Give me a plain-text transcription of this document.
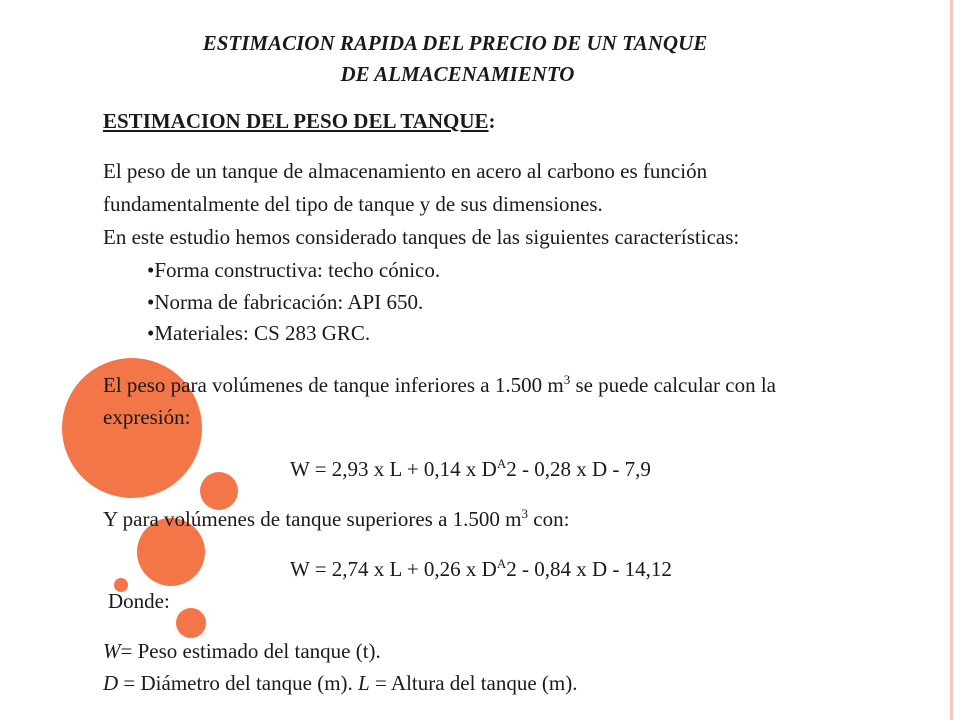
ESTIMACION RAPIDA DEL PRECIO DE UN TANQUE
DE ALMACENAMIENTO
ESTIMACION DEL PESO DEL TANQUE:
El peso de un tanque de almacenamiento en acero al carbono es función
fundamentalmente del tipo de tanque y de sus dimensiones.
En este estudio hemos considerado tanques de las siguientes características:
•Forma constructiva: techo cónico.
•Norma de fabricación: API 650.
•Materiales: CS 283 GRC.
El peso para volúmenes de tanque inferiores a 1.500 $m^3$ se puede calcular con la
expresión:
W = 2,93 x L + 0,14 x $D^A2 - 0,28$ x D - 7,9
Y para volúmenes de tanque superiores a 1.500 $m^3$ con:
W = 2,74 x L + 0,26 x $D^A2 - 0,84$ x D - 14,12
Donde:
W= Peso estimado del tanque (t).
D = Diámetro del tanque (m). L = Altura del tanque (m).
